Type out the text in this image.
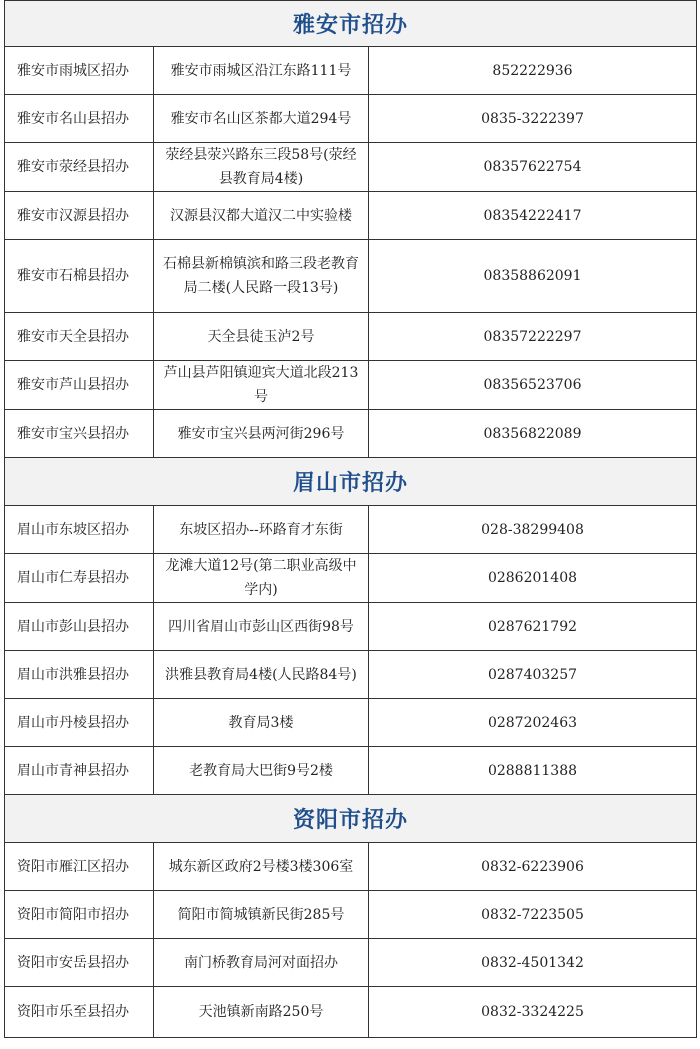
雅安市招办		
雅安市雨城区招办	雅安市雨城区沿江东路111号	852222936
雅安市名山县招办	雅安市名山区茶都大道294号	0835-3222397
雅安市荥经县招办	荥经县荥兴路东三段58号(荥经县教育局4楼)	08357622754
雅安市汉源县招办	汉源县汉都大道汉二中实验楼	08354222417
雅安市石棉县招办	石棉县新棉镇滨和路三段老教育局二楼(人民路一段13号)	08358862091
雅安市天全县招办	天全县徒玉泸2号	08357222297
雅安市芦山县招办	芦山县芦阳镇迎宾大道北段213号	08356523706
雅安市宝兴县招办	雅安市宝兴县两河街296号	08356822089
眉山市招办		
眉山市东坡区招办	东坡区招办--环路育才东街	028-38299408
眉山市仁寿县招办	龙滩大道12号(第二职业高级中学内)	0286201408
眉山市彭山县招办	四川省眉山市彭山区西街98号	0287621792
眉山市洪雅县招办	洪雅县教育局4楼(人民路84号)	0287403257
眉山市丹棱县招办	教育局3楼	0287202463
眉山市青神县招办	老教育局大巴街9号2楼	0288811388
资阳市招办		
资阳市雁江区招办	城东新区政府2号楼3楼306室	0832-6223906
资阳市简阳市招办	简阳市简城镇新民街285号	0832-7223505
资阳市安岳县招办	南门桥教育局河对面招办	0832-4501342
资阳市乐至县招办	天池镇新南路250号	0832-3324225
